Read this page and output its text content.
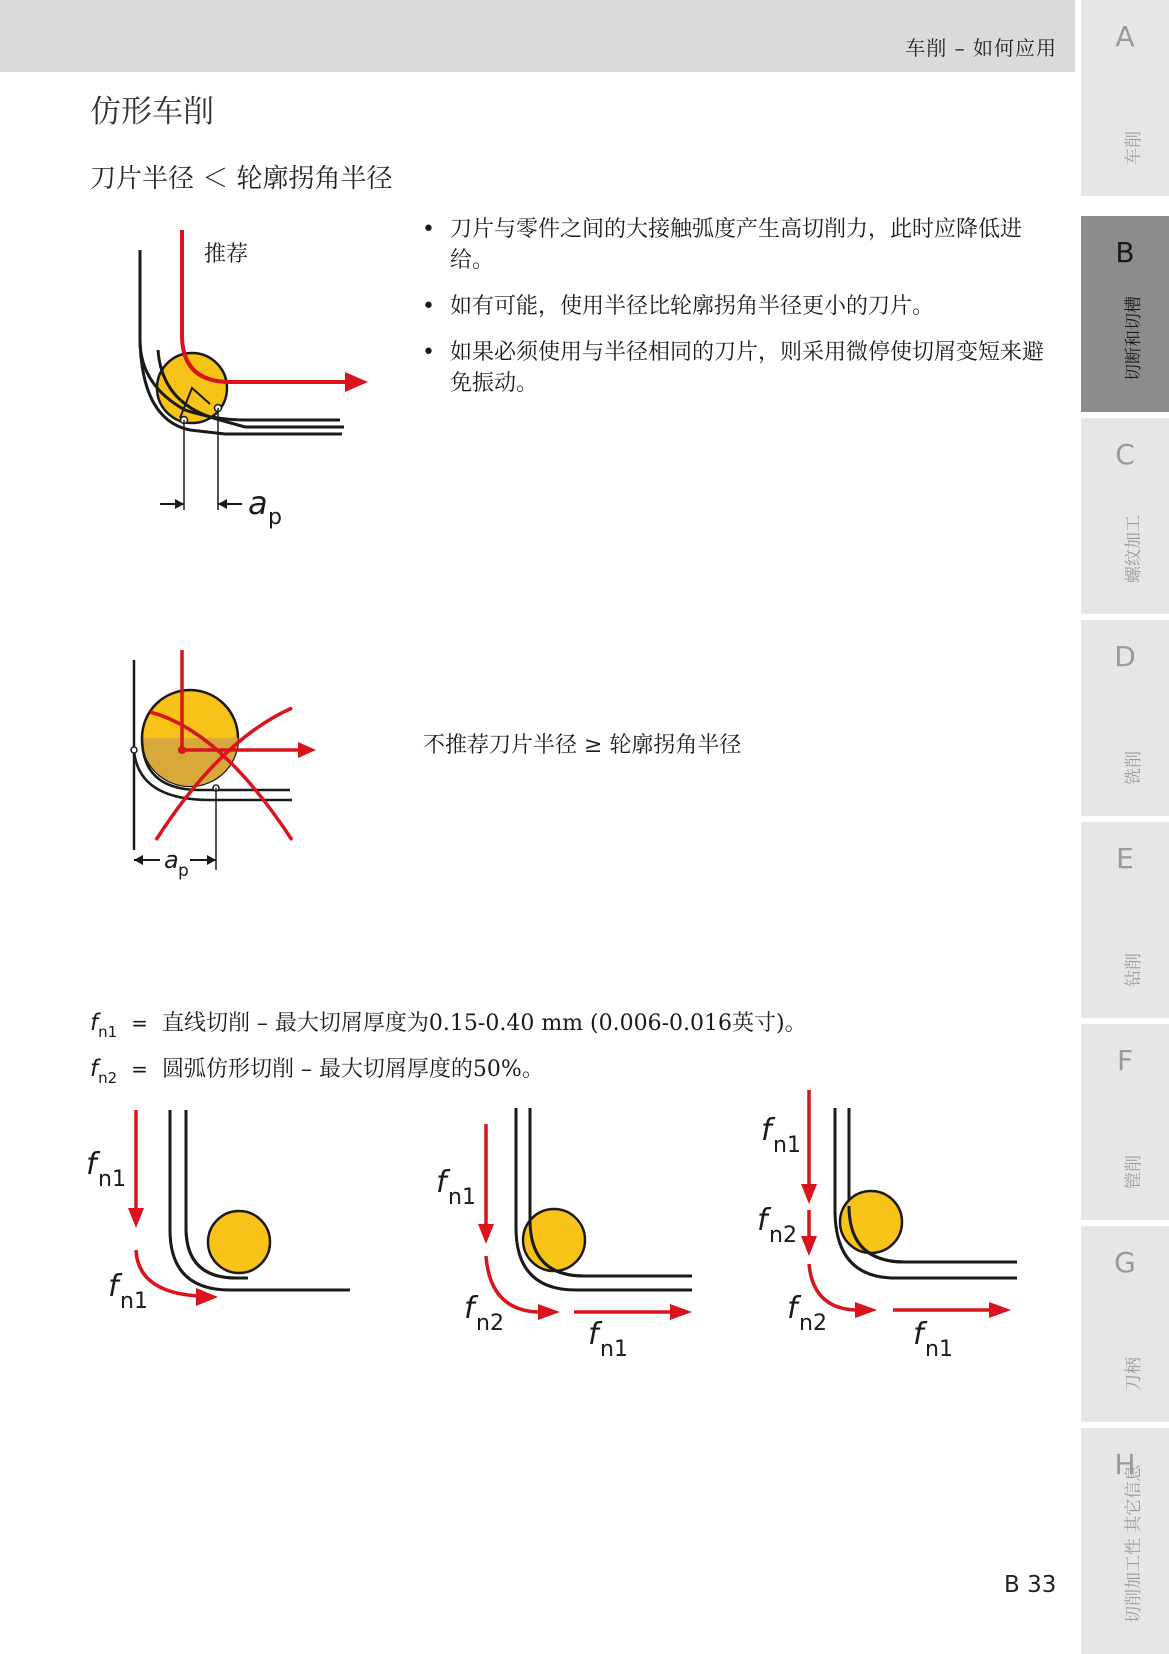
车削 – 如何应用
仿形车削
刀片半径 ＜ 轮廓拐角半径
推荐
a p
• 刀片与零件之间的大接触弧度产生高切削力，此时应降低进给。
• 如有可能，使用半径比轮廓拐角半径更小的刀片。
• 如果必须使用与半径相同的刀片，则采用微停使切屑变短来避免振动。
a p
不推荐刀片半径 ≥ 轮廓拐角半径
$f_{n1}$ = 直线切削 – 最大切屑厚度为0.15-0.40 mm (0.006-0.016英寸)。
$f_{n2}$ = 圆弧仿形切削 – 最大切屑厚度的50%。
f n1
f n1
f n1
f n2	f n1
f n1
f n2
f n2	f n1
B 33
A
车削
B
切断和切槽
C
螺纹加工
D
铣削
E
钻削
F
镗削
G
刀柄
H
切削加工性 其它信息
